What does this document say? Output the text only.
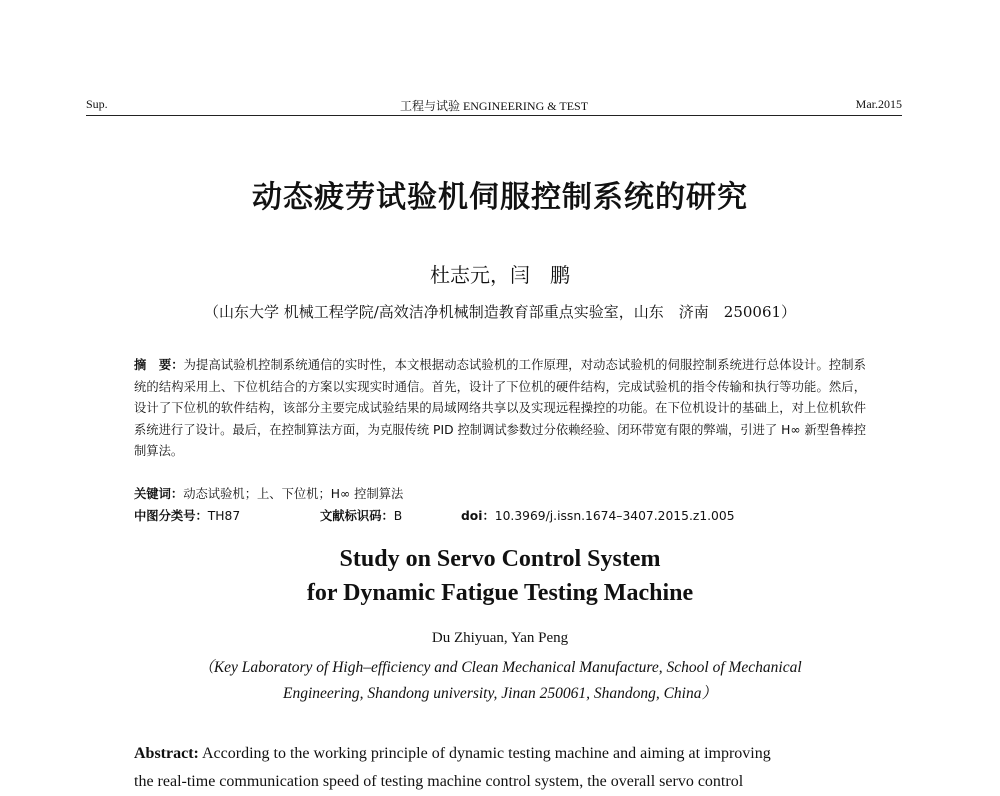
Sup.	工程与试验 ENGINEERING & TEST	Mar.2015
动态疲劳试验机伺服控制系统的研究
杜志元，闫　鹏
（山东大学 机械工程学院/高效洁净机械制造教育部重点实验室，山东　济南　250061）
摘　要：为提高试验机控制系统通信的实时性，本文根据动态试验机的工作原理，对动态试验机的伺服控制系统进行总体设计。控制系统的结构采用上、下位机结合的方案以实现实时通信。首先，设计了下位机的硬件结构，完成试验机的指令传输和执行等功能。然后，设计了下位机的软件结构，该部分主要完成试验结果的局域网络共享以及实现远程操控的功能。在下位机设计的基础上，对上位机软件系统进行了设计。最后，在控制算法方面，为克服传统 PID 控制调试参数过分依赖经验、闭环带宽有限的弊端，引进了 H∞ 新型鲁棒控制算法。
关键词：动态试验机；上、下位机；H∞ 控制算法
中图分类号：TH87	文献标识码：B	doi：10.3969/j.issn.1674–3407.2015.z1.005
Study on Servo Control System
for Dynamic Fatigue Testing Machine
Du Zhiyuan, Yan Peng
（Key Laboratory of High–efficiency and Clean Mechanical Manufacture, School of Mechanical
Engineering, Shandong university, Jinan 250061, Shandong, China）
Abstract: According to the working principle of dynamic testing machine and aiming at improving
the real-time communication speed of testing machine control system, the overall servo control
